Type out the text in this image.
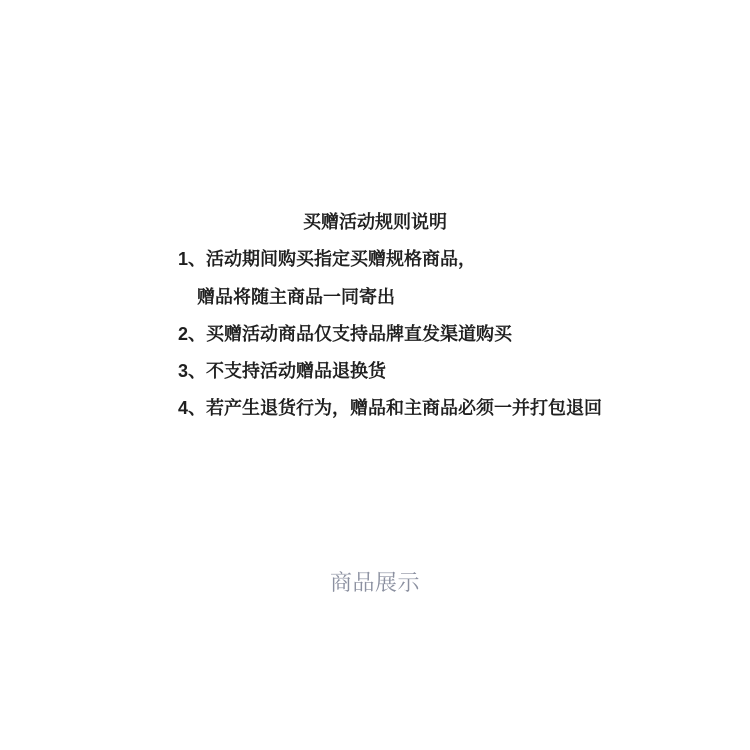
买赠活动规则说明
1、活动期间购买指定买赠规格商品，
赠品将随主商品一同寄出
2、买赠活动商品仅支持品牌直发渠道购买
3、不支持活动赠品退换货
4、若产生退货行为，赠品和主商品必须一并打包退回
商品展示
